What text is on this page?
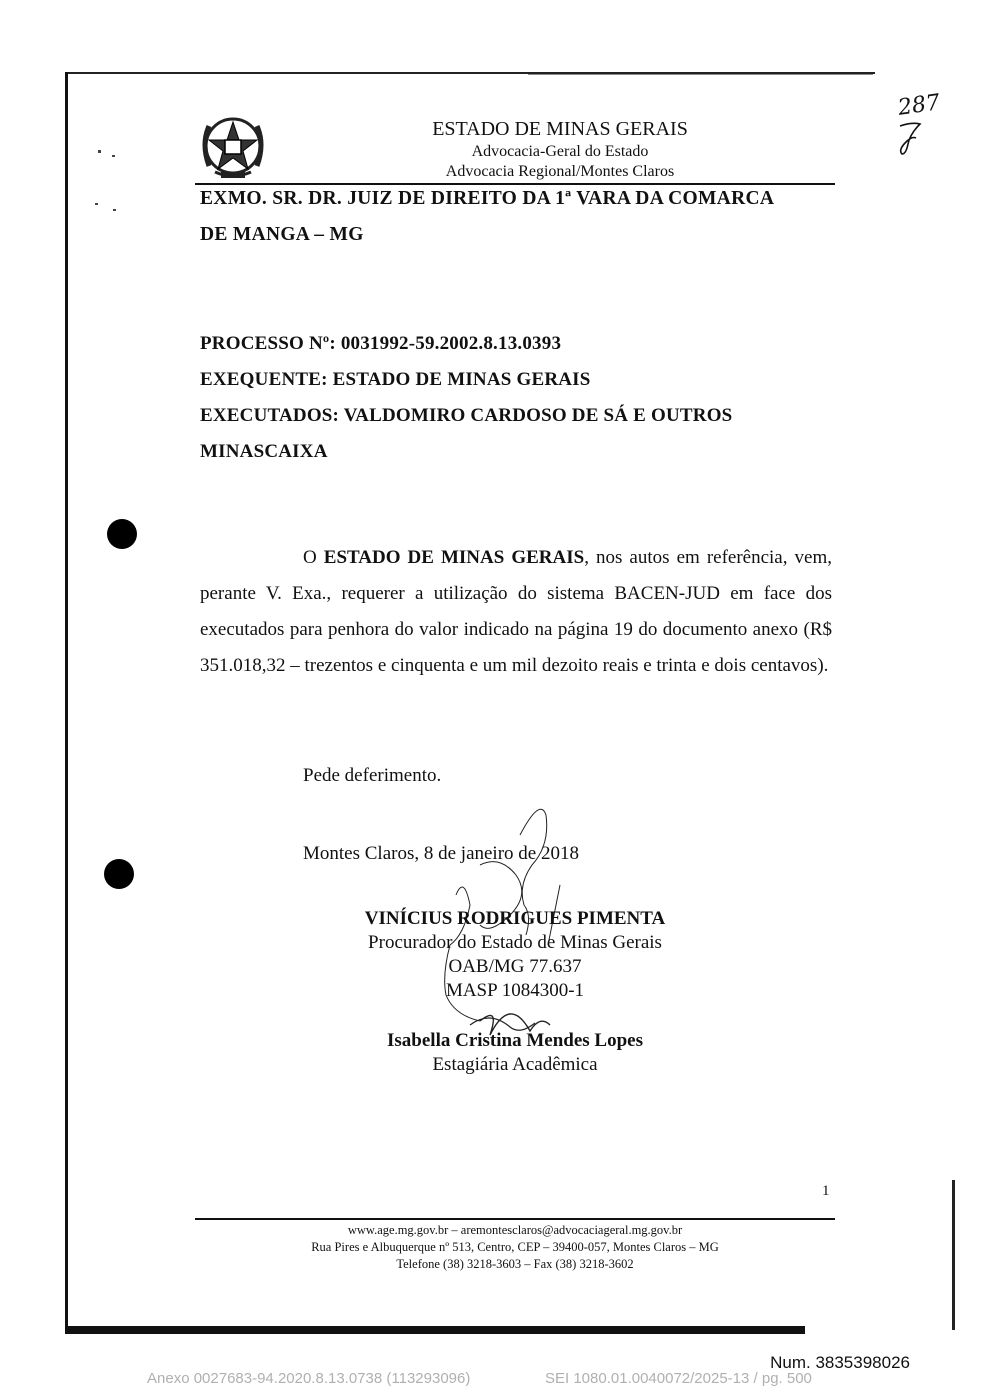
ESTADO DE MINAS GERAIS
Advocacia-Geral do Estado
Advocacia Regional/Montes Claros
287
EXMO. SR. DR. JUIZ DE DIREITO DA 1ª VARA DA COMARCA
DE MANGA – MG
PROCESSO Nº: 0031992-59.2002.8.13.0393
EXEQUENTE: ESTADO DE MINAS GERAIS
EXECUTADOS: VALDOMIRO CARDOSO DE SÁ E OUTROS
MINASCAIXA
O ESTADO DE MINAS GERAIS, nos autos em referência, vem, perante V. Exa., requerer a utilização do sistema BACEN-JUD em face dos executados para penhora do valor indicado na página 19 do documento anexo (R$ 351.018,32 – trezentos e cinquenta e um mil dezoito reais e trinta e dois centavos).
Pede deferimento.
Montes Claros, 8 de janeiro de 2018
VINÍCIUS RODRIGUES PIMENTA
Procurador do Estado de Minas Gerais
OAB/MG 77.637
MASP 1084300-1
Isabella Cristina Mendes Lopes
Estagiária Acadêmica
1
www.age.mg.gov.br – aremontesclaros@advocaciageral.mg.gov.br
Rua Pires e Albuquerque nº 513, Centro, CEP – 39400-057, Montes Claros – MG
Telefone (38) 3218-3603 – Fax (38) 3218-3602
Num. 3835398026
Anexo 0027683-94.2020.8.13.0738 (113293096)	SEI 1080.01.0040072/2025-13 / pg. 500
